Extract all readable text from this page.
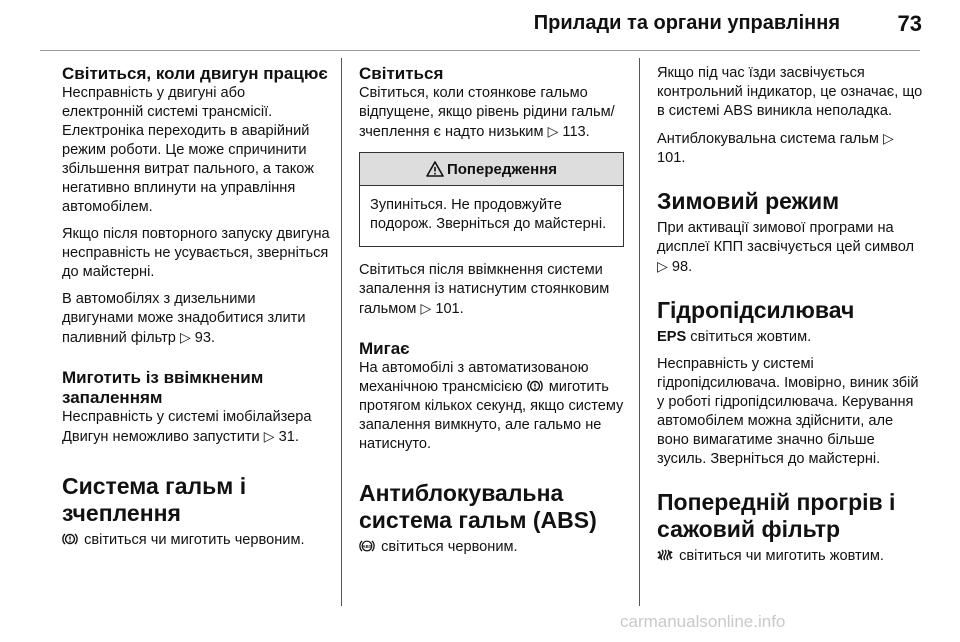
Прилади та органи управління	73
Світиться, коли двигун працює

Несправність у двигуні або електронній системі трансмісії. Електроніка переходить в аварійний режим роботи. Це може спричинити збільшення витрат пального, а також негативно вплинути на управління автомобілем.

Якщо після повторного запуску двигуна несправність не усувається, зверніться до майстерні.

В автомобілях з дизельними двигунами може знадобитися злити паливний фільтр ▷ 93.

Миготить із ввімкненим запаленням

Несправність у системі імобілайзера Двигун неможливо запустити ▷ 31.

Система гальм і зчеплення

світиться чи миготить червоним.

Світиться

Світиться, коли стоянкове гальмо відпущене, якщо рівень рідини гальм/зчеплення є надто низьким ▷ 113.

Попередження

Зупиніться. Не продовжуйте подорож. Зверніться до майстерні.

Світиться після ввімкнення системи запалення із натиснутим стоянковим гальмом ▷ 101.

Мигає

На автомобілі з автоматизованою механічною трансмісією миготить протягом кількох секунд, якщо систему запалення вимкнуто, але гальмо не натиснуто.

Антиблокувальна система гальм (ABS)

ABS світиться червоним.

Якщо під час їзди засвічується контрольний індикатор, це означає, що в системі ABS виникла неполадка.

Антиблокувальна система гальм ▷ 101.

Зимовий режим

При активації зимової програми на дисплеї КПП засвічується цей символ ▷ 98.

Гідропідсилювач

EPS світиться жовтим.

Несправність у системі гідропідсилювача. Імовірно, виник збій у роботі гідропідсилювача. Керування автомобілем можна здійснити, але воно вимагатиме значно більше зусиль. Зверніться до майстерні.

Попередній прогрів і сажовий фільтр

світиться чи миготить жовтим.

carmanualsonline.info
